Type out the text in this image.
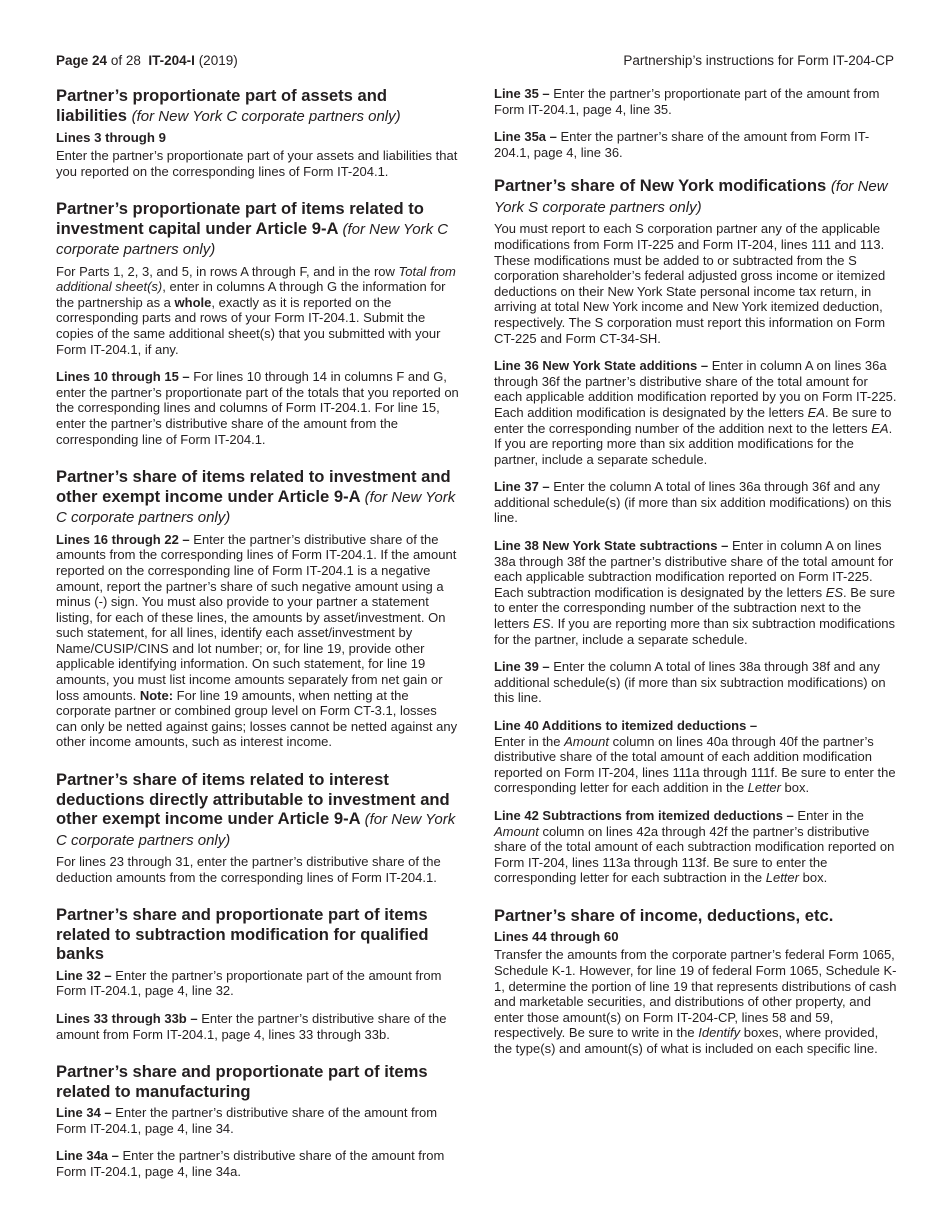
Page 24 of 28 IT-204-I (2019)	Partnership’s instructions for Form IT-204-CP
Partner’s proportionate part of assets and liabilities (for New York C corporate partners only)
Lines 3 through 9

Enter the partner’s proportionate part of your assets and liabilities that you reported on the corresponding lines of Form IT-204.1.

Partner’s proportionate part of items related to investment capital under Article 9-A (for New York C corporate partners only)

For Parts 1, 2, 3, and 5, in rows A through F, and in the row Total from additional sheet(s), enter in columns A through G the information for the partnership as a whole, exactly as it is reported on the corresponding parts and rows of your Form IT-204.1. Submit the copies of the same additional sheet(s) that you submitted with your Form IT-204.1, if any.

Lines 10 through 15 – For lines 10 through 14 in columns F and G, enter the partner’s proportionate part of the totals that you reported on the corresponding lines and columns of Form IT-204.1. For line 15, enter the partner’s distributive share of the amount from the corresponding line of Form IT-204.1.

Partner’s share of items related to investment and other exempt income under Article 9-A (for New York C corporate partners only)

Lines 16 through 22 – Enter the partner’s distributive share of the amounts from the corresponding lines of Form IT-204.1. If the amount reported on the corresponding line of Form IT-204.1 is a negative amount, report the partner’s share of such negative amount using a minus (-) sign. You must also provide to your partner a statement listing, for each of these lines, the amounts by asset/investment. On such statement, for all lines, identify each asset/investment by Name/CUSIP/CINS and lot number; or, for line 19, provide other applicable identifying information. On such statement, for line 19 amounts, you must list income amounts separately from net gain or loss amounts. Note: For line 19 amounts, when netting at the corporate partner or combined group level on Form CT-3.1, losses can only be netted against gains; losses cannot be netted against any other income amounts, such as interest income.

Partner’s share of items related to interest deductions directly attributable to investment and other exempt income under Article 9-A (for New York C corporate partners only)

For lines 23 through 31, enter the partner’s distributive share of the deduction amounts from the corresponding lines of Form IT-204.1.

Partner’s share and proportionate part of items related to subtraction modification for qualified banks

Line 32 – Enter the partner’s proportionate part of the amount from Form IT-204.1, page 4, line 32.

Lines 33 through 33b – Enter the partner’s distributive share of the amount from Form IT-204.1, page 4, lines 33 through 33b.

Partner’s share and proportionate part of items related to manufacturing

Line 34 – Enter the partner’s distributive share of the amount from Form IT-204.1, page 4, line 34.

Line 34a – Enter the partner’s distributive share of the amount from Form IT-204.1, page 4, line 34a.

Line 35 – Enter the partner’s proportionate part of the amount from Form IT-204.1, page 4, line 35.

Line 35a – Enter the partner’s share of the amount from Form IT-204.1, page 4, line 36.

Partner’s share of New York modifications (for New York S corporate partners only)

You must report to each S corporation partner any of the applicable modifications from Form IT-225 and Form IT-204, lines 111 and 113. These modifications must be added to or subtracted from the S corporation shareholder’s federal adjusted gross income or itemized deductions on their New York State personal income tax return, in arriving at total New York income and New York itemized deduction, respectively. The S corporation must report this information on Form CT-225 and Form CT-34-SH.

Line 36 New York State additions – Enter in column A on lines 36a through 36f the partner’s distributive share of the total amount for each applicable addition modification reported by you on Form IT-225. Each addition modification is designated by the letters EA. Be sure to enter the corresponding number of the addition next to the letters EA. If you are reporting more than six addition modifications for the partner, include a separate schedule.

Line 37 – Enter the column A total of lines 36a through 36f and any additional schedule(s) (if more than six addition modifications) on this line.

Line 38 New York State subtractions – Enter in column A on lines 38a through 38f the partner’s distributive share of the total amount for each applicable subtraction modification reported on Form IT-225. Each subtraction modification is designated by the letters ES. Be sure to enter the corresponding number of the subtraction next to the letters ES. If you are reporting more than six subtraction modifications for the partner, include a separate schedule.

Line 39 – Enter the column A total of lines 38a through 38f and any additional schedule(s) (if more than six subtraction modifications) on this line.

Line 40 Additions to itemized deductions –
Enter in the Amount column on lines 40a through 40f the partner’s distributive share of the total amount of each addition modification reported on Form IT-204, lines 111a through 111f. Be sure to enter the corresponding letter for each addition in the Letter box.

Line 42 Subtractions from itemized deductions – Enter in the Amount column on lines 42a through 42f the partner’s distributive share of the total amount of each subtraction modification reported on Form IT-204, lines 113a through 113f. Be sure to enter the corresponding letter for each subtraction in the Letter box.

Partner’s share of income, deductions, etc.
Lines 44 through 60

Transfer the amounts from the corporate partner’s federal Form 1065, Schedule K-1. However, for line 19 of federal Form 1065, Schedule K-1, determine the portion of line 19 that represents distributions of cash and marketable securities, and distributions of other property, and enter those amount(s) on Form IT-204-CP, lines 58 and 59, respectively. Be sure to write in the Identify boxes, where provided, the type(s) and amount(s) of what is included on each specific line.
